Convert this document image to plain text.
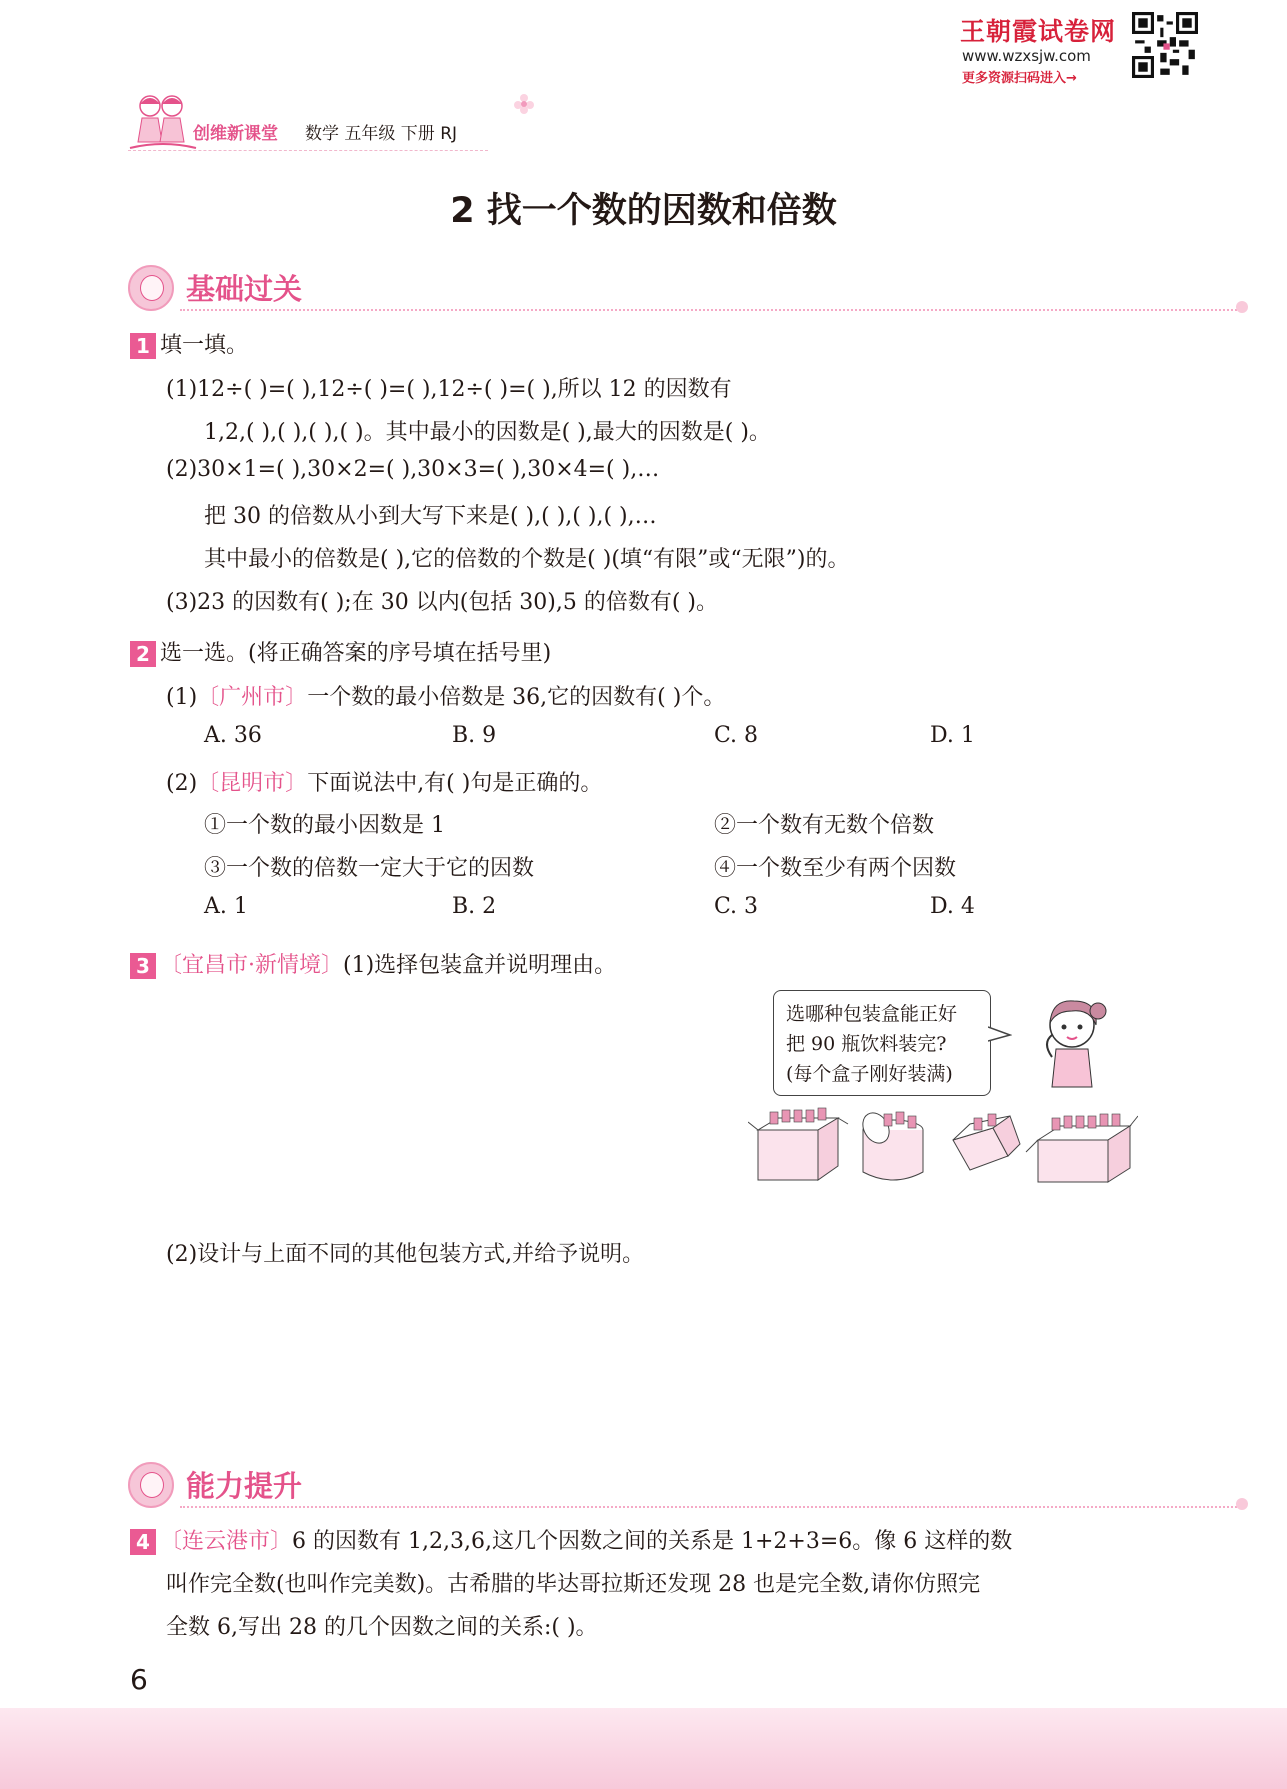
王朝霞试卷网
www.wzxsjw.com
更多资源扫码进入→
创维新课堂 数学 五年级 下册 RJ
2 找一个数的因数和倍数
基础过关
1 填一填。
(1)12÷( )=( ),12÷( )=( ),12÷( )=( ),所以 12 的因数有
1,2,( ),( ),( ),( )。其中最小的因数是( ),最大的因数是( )。
(2)30×1=( ),30×2=( ),30×3=( ),30×4=( ),…
把 30 的倍数从小到大写下来是( ),( ),( ),( ),…
其中最小的倍数是( ),它的倍数的个数是( )(填“有限”或“无限”)的。
(3)23 的因数有( );在 30 以内(包括 30),5 的倍数有( )。
2 选一选。(将正确答案的序号填在括号里)
(1)〔广州市〕一个数的最小倍数是 36,它的因数有( )个。
A. 36	B. 9	C. 8	D. 1
(2)〔昆明市〕下面说法中,有( )句是正确的。
①一个数的最小因数是 1	②一个数有无数个倍数
③一个数的倍数一定大于它的因数	④一个数至少有两个因数
A. 1	B. 2	C. 3	D. 4
3 〔宜昌市·新情境〕(1)选择包装盒并说明理由。
选哪种包装盒能正好
把 90 瓶饮料装完?
(每个盒子刚好装满)
(2)设计与上面不同的其他包装方式,并给予说明。
能力提升
4 〔连云港市〕6 的因数有 1,2,3,6,这几个因数之间的关系是 1+2+3=6。像 6 这样的数
叫作完全数(也叫作完美数)。古希腊的毕达哥拉斯还发现 28 也是完全数,请你仿照完
全数 6,写出 28 的几个因数之间的关系:( )。
6
